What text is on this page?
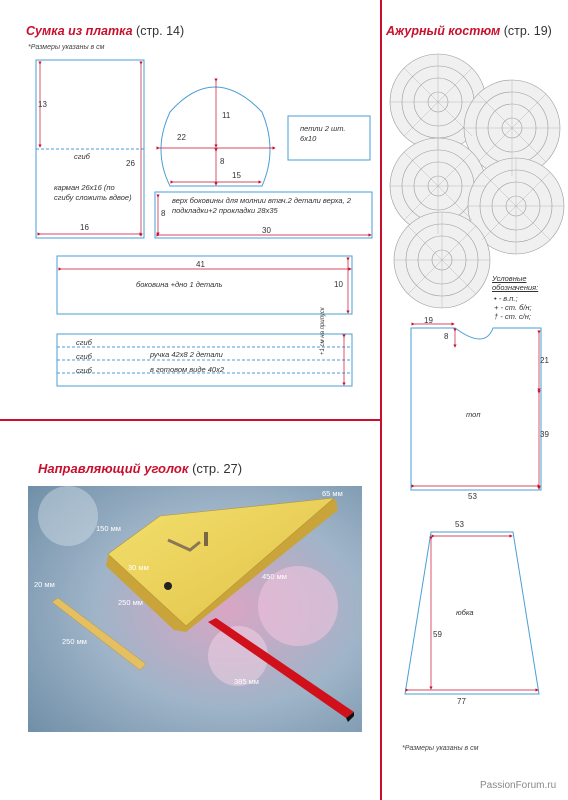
Сумка из платка (стр. 14)
*Размеры указаны в см
13
сгиб
26
карман 26х16 (по сгибу сложить вдвое)
16
11
22
8
15
петли 2 шт. 6х10
верх боковины для молнии втач.2 детали верха, 2 подкладки+2 прокладки 28х35
8
30
41
боковина +дно 1 деталь	10
сгиб
сгиб
сгиб
ручка 42х8 2 детали
в готовом виде 40х2
+1 см на припуск
Ажурный костюм (стр. 19)
Условные обозначения:
• - в.п.;
+ - ст. б/н;
† - ст. с/н;
19
8
21
топ
39
53
53
юбка
59
77
*Размеры указаны в см
Направляющий уголок (стр. 27)
65 мм
150 мм
30 мм
450 мм
250 мм
20 мм
250 мм
385 мм
PassionForum.ru
